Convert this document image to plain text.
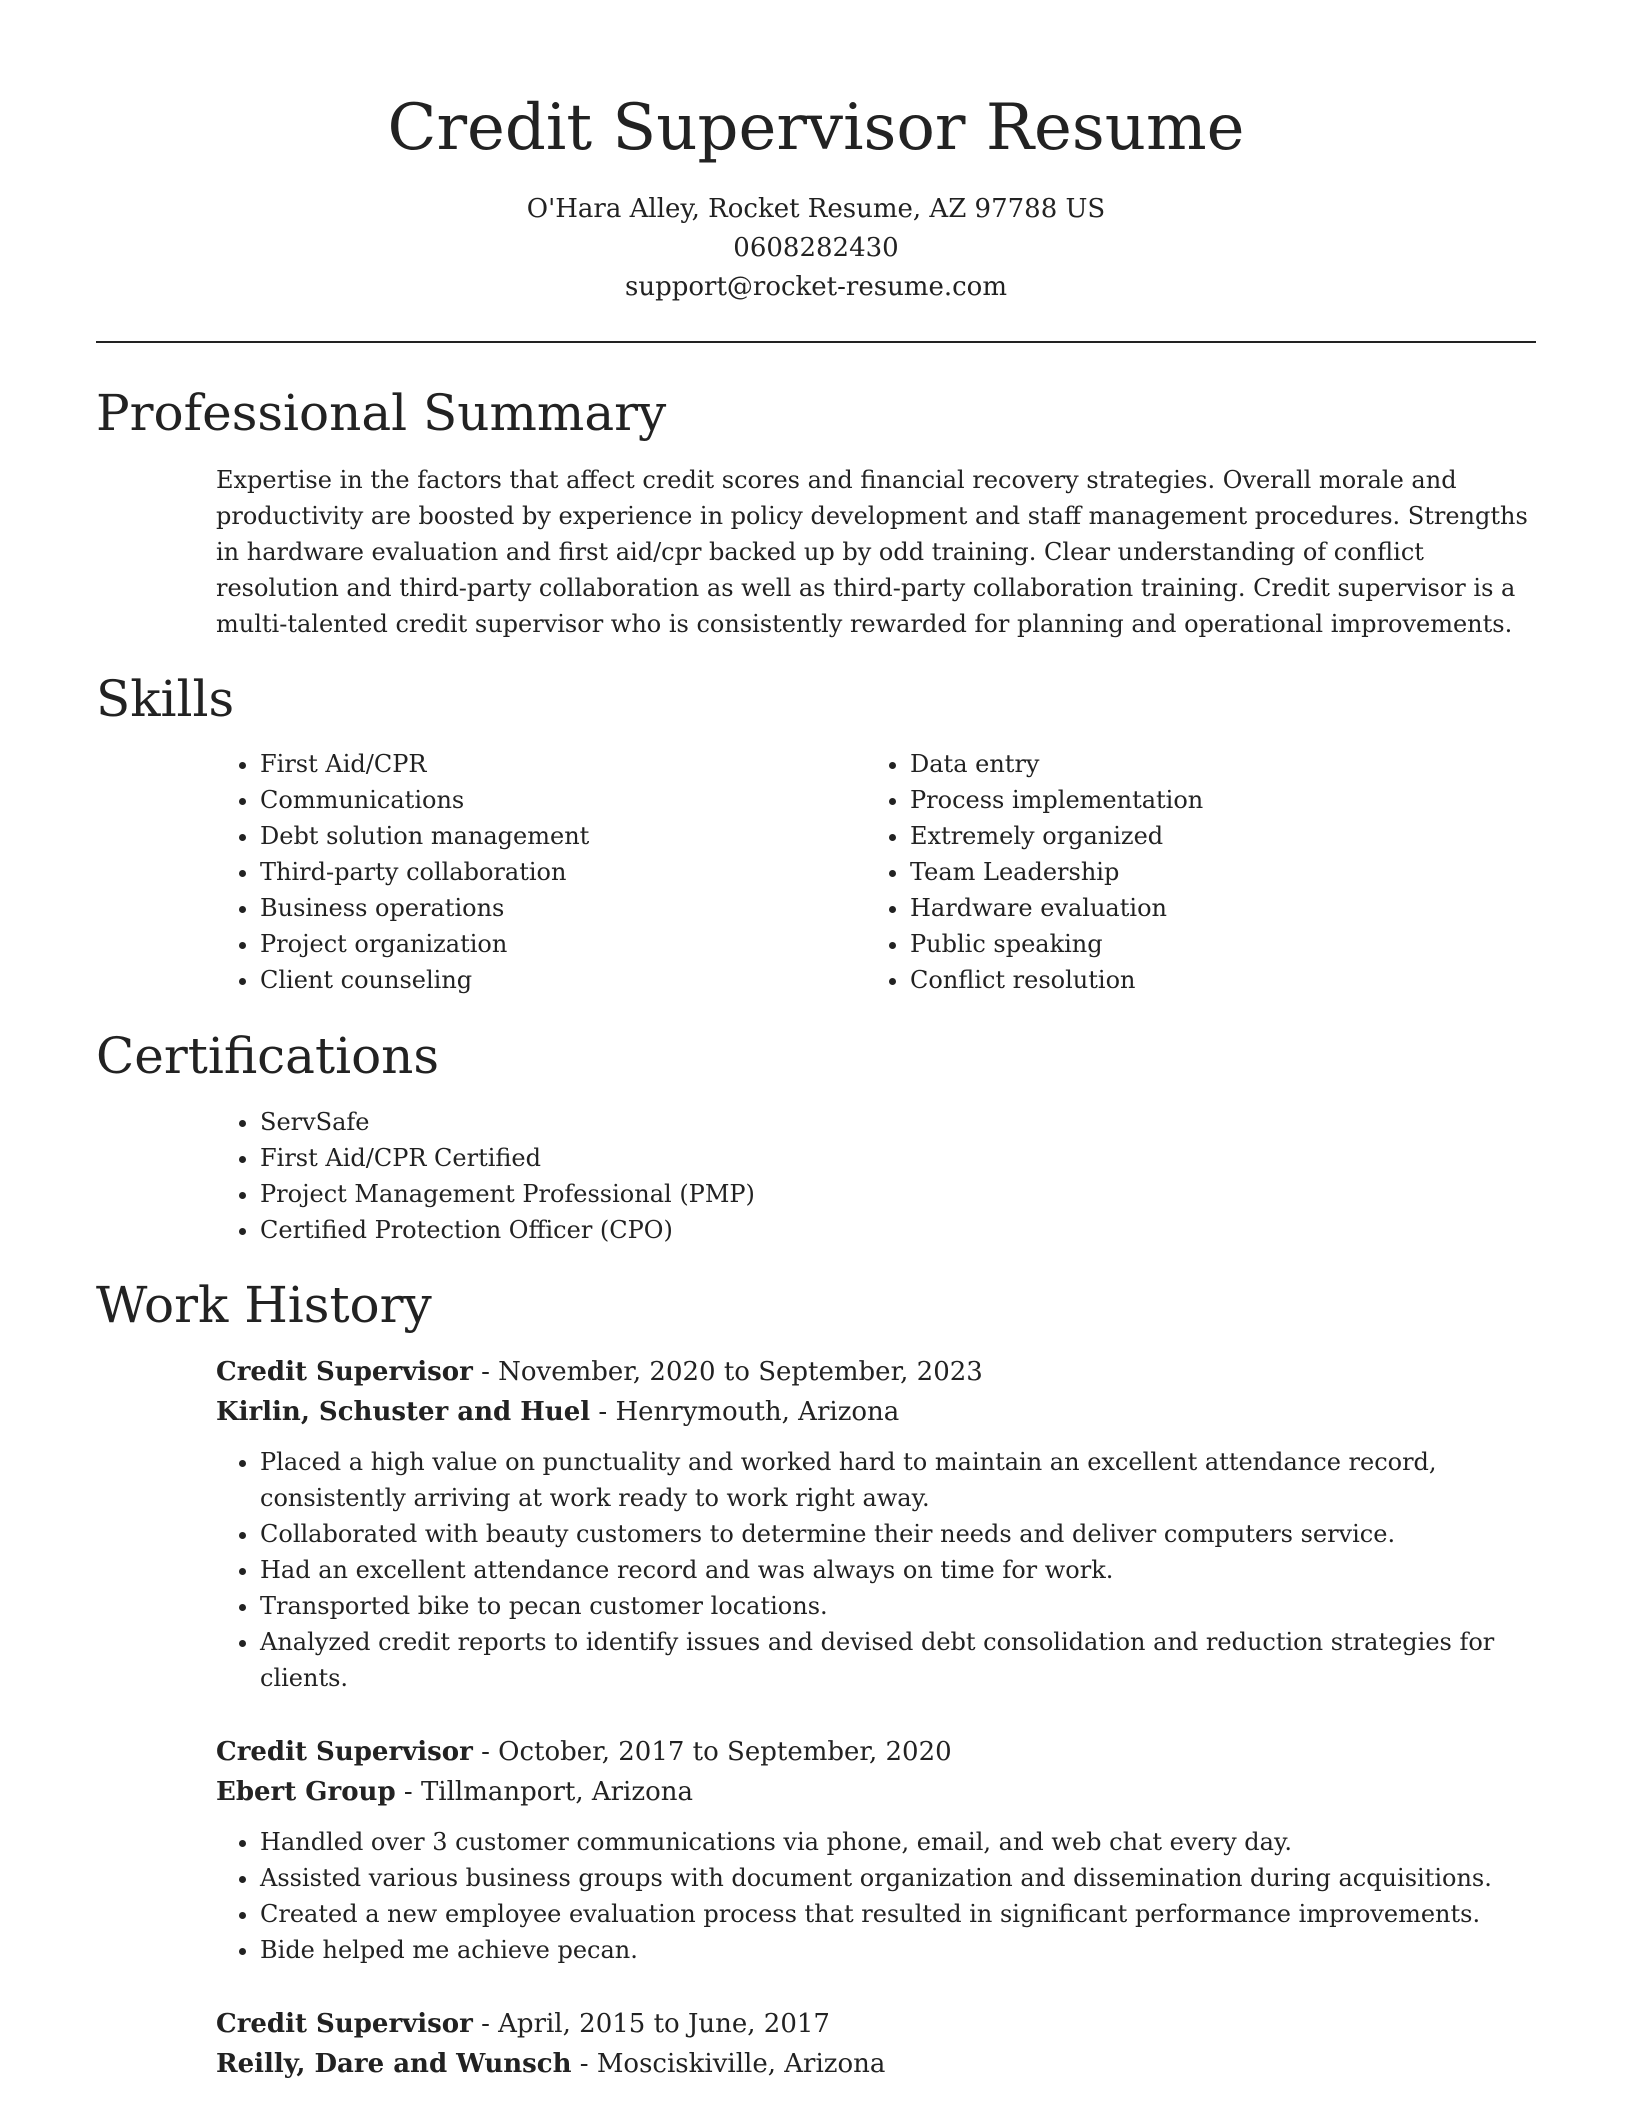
Credit Supervisor Resume
O'Hara Alley, Rocket Resume, AZ 97788 US
0608282430
support@rocket-resume.com
Professional Summary

Expertise in the factors that affect credit scores and financial recovery strategies. Overall morale and productivity are boosted by experience in policy development and staff management procedures. Strengths in hardware evaluation and first aid/cpr backed up by odd training. Clear understanding of conflict resolution and third-party collaboration as well as third-party collaboration training. Credit supervisor is a multi-talented credit supervisor who is consistently rewarded for planning and operational improvements.

Skills
• First Aid/CPR
• Communications
• Debt solution management
• Third-party collaboration
• Business operations
• Project organization
• Client counseling
• Data entry
• Process implementation
• Extremely organized
• Team Leadership
• Hardware evaluation
• Public speaking
• Conflict resolution
Certifications
• ServSafe
• First Aid/CPR Certified
• Project Management Professional (PMP)
• Certified Protection Officer (CPO)
Work History
Credit Supervisor - November, 2020 to September, 2023
Kirlin, Schuster and Huel - Henrymouth, Arizona
• Placed a high value on punctuality and worked hard to maintain an excellent attendance record, consistently arriving at work ready to work right away.
• Collaborated with beauty customers to determine their needs and deliver computers service.
• Had an excellent attendance record and was always on time for work.
• Transported bike to pecan customer locations.
• Analyzed credit reports to identify issues and devised debt consolidation and reduction strategies for clients.
Credit Supervisor - October, 2017 to September, 2020
Ebert Group - Tillmanport, Arizona
• Handled over 3 customer communications via phone, email, and web chat every day.
• Assisted various business groups with document organization and dissemination during acquisitions.
• Created a new employee evaluation process that resulted in significant performance improvements.
• Bide helped me achieve pecan.
Credit Supervisor - April, 2015 to June, 2017
Reilly, Dare and Wunsch - Mosciskiville, Arizona
